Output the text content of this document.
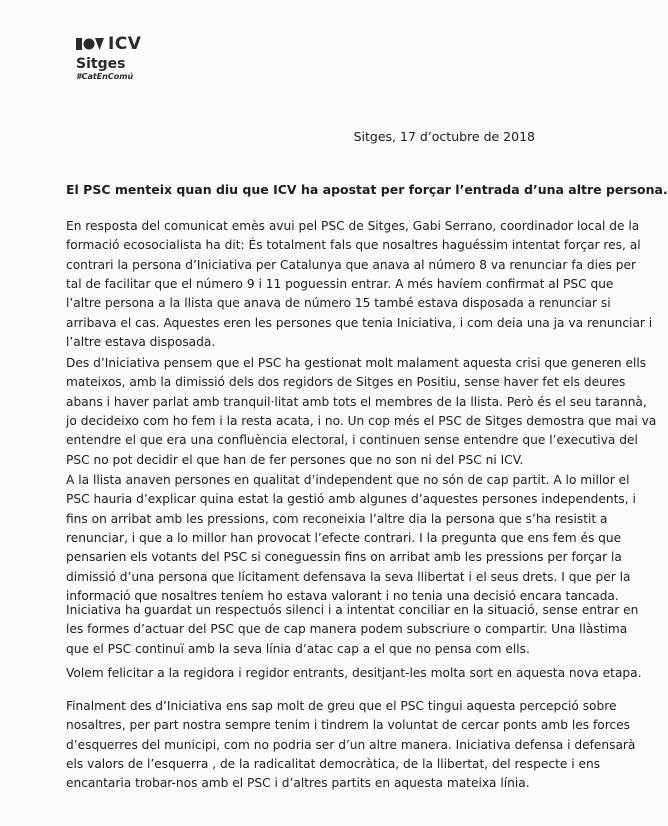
ICV
Sitges
#CatEnComú
Sitges, 17 d’octubre de 2018
El PSC menteix quan diu que ICV ha apostat per forçar l’entrada d’una altre persona.
En resposta del comunicat emès avui pel PSC de Sitges, Gabi Serrano, coordinador local de la
formació ecosocialista ha dit: És totalment fals que nosaltres haguéssim intentat forçar res, al
contrari la persona d’Iniciativa per Catalunya que anava al número 8 va renunciar fa dies per
tal de facilitar que el número 9 i 11 poguessin entrar. A més havíem confirmat al PSC que
l’altre persona a la llista que anava de número 15 també estava disposada a renunciar si
arribava el cas. Aquestes eren les persones que tenia Iniciativa, i com deia una ja va renunciar i
l’altre estava disposada.
Des d’Iniciativa pensem que el PSC ha gestionat molt malament aquesta crisi que generen ells
mateixos, amb la dimissió dels dos regidors de Sitges en Positiu, sense haver fet els deures
abans i haver parlat amb tranquil·litat amb tots el membres de la llista. Però és el seu tarannà,
jo decideixo com ho fem i la resta acata, i no. Un cop més el PSC de Sitges demostra que mai va
entendre el que era una confluència electoral, i continuen sense entendre que l’executiva del
PSC no pot decidir el que han de fer persones que no son ni del PSC ni ICV.
A la llista anaven persones en qualitat d’independent que no són de cap partit. A lo millor el
PSC hauria d’explicar quina estat la gestió amb algunes d’aquestes persones independents, i
fins on arribat amb les pressions, com reconeixia l’altre dia la persona que s’ha resistit a
renunciar, i que a lo millor han provocat l’efecte contrari. I la pregunta que ens fem és que
pensarien els votants del PSC si coneguessin fins on arribat amb les pressions per forçar la
dimissió d’una persona que lícitament defensava la seva llibertat i el seus drets. I que per la
informació que nosaltres teníem ho estava valorant i no tenia una decisió encara tancada.
Iniciativa ha guardat un respectuós silenci i a intentat conciliar en la situació, sense entrar en
les formes d’actuar del PSC que de cap manera podem subscriure o compartir. Una llàstima
que el PSC continuï amb la seva línia d’atac cap a el que no pensa com ells.
Volem felicitar a la regidora i regidor entrants, desitjant-les molta sort en aquesta nova etapa.
Finalment des d’Iniciativa ens sap molt de greu que el PSC tingui aquesta percepció sobre
nosaltres, per part nostra sempre tenim i tindrem la voluntat de cercar ponts amb les forces
d’esquerres del municipi, com no podria ser d’un altre manera. Iniciativa defensa i defensarà
els valors de l’esquerra , de la radicalitat democràtica, de la llibertat, del respecte i ens
encantaria trobar-nos amb el PSC i d’altres partits en aquesta mateixa línia.
